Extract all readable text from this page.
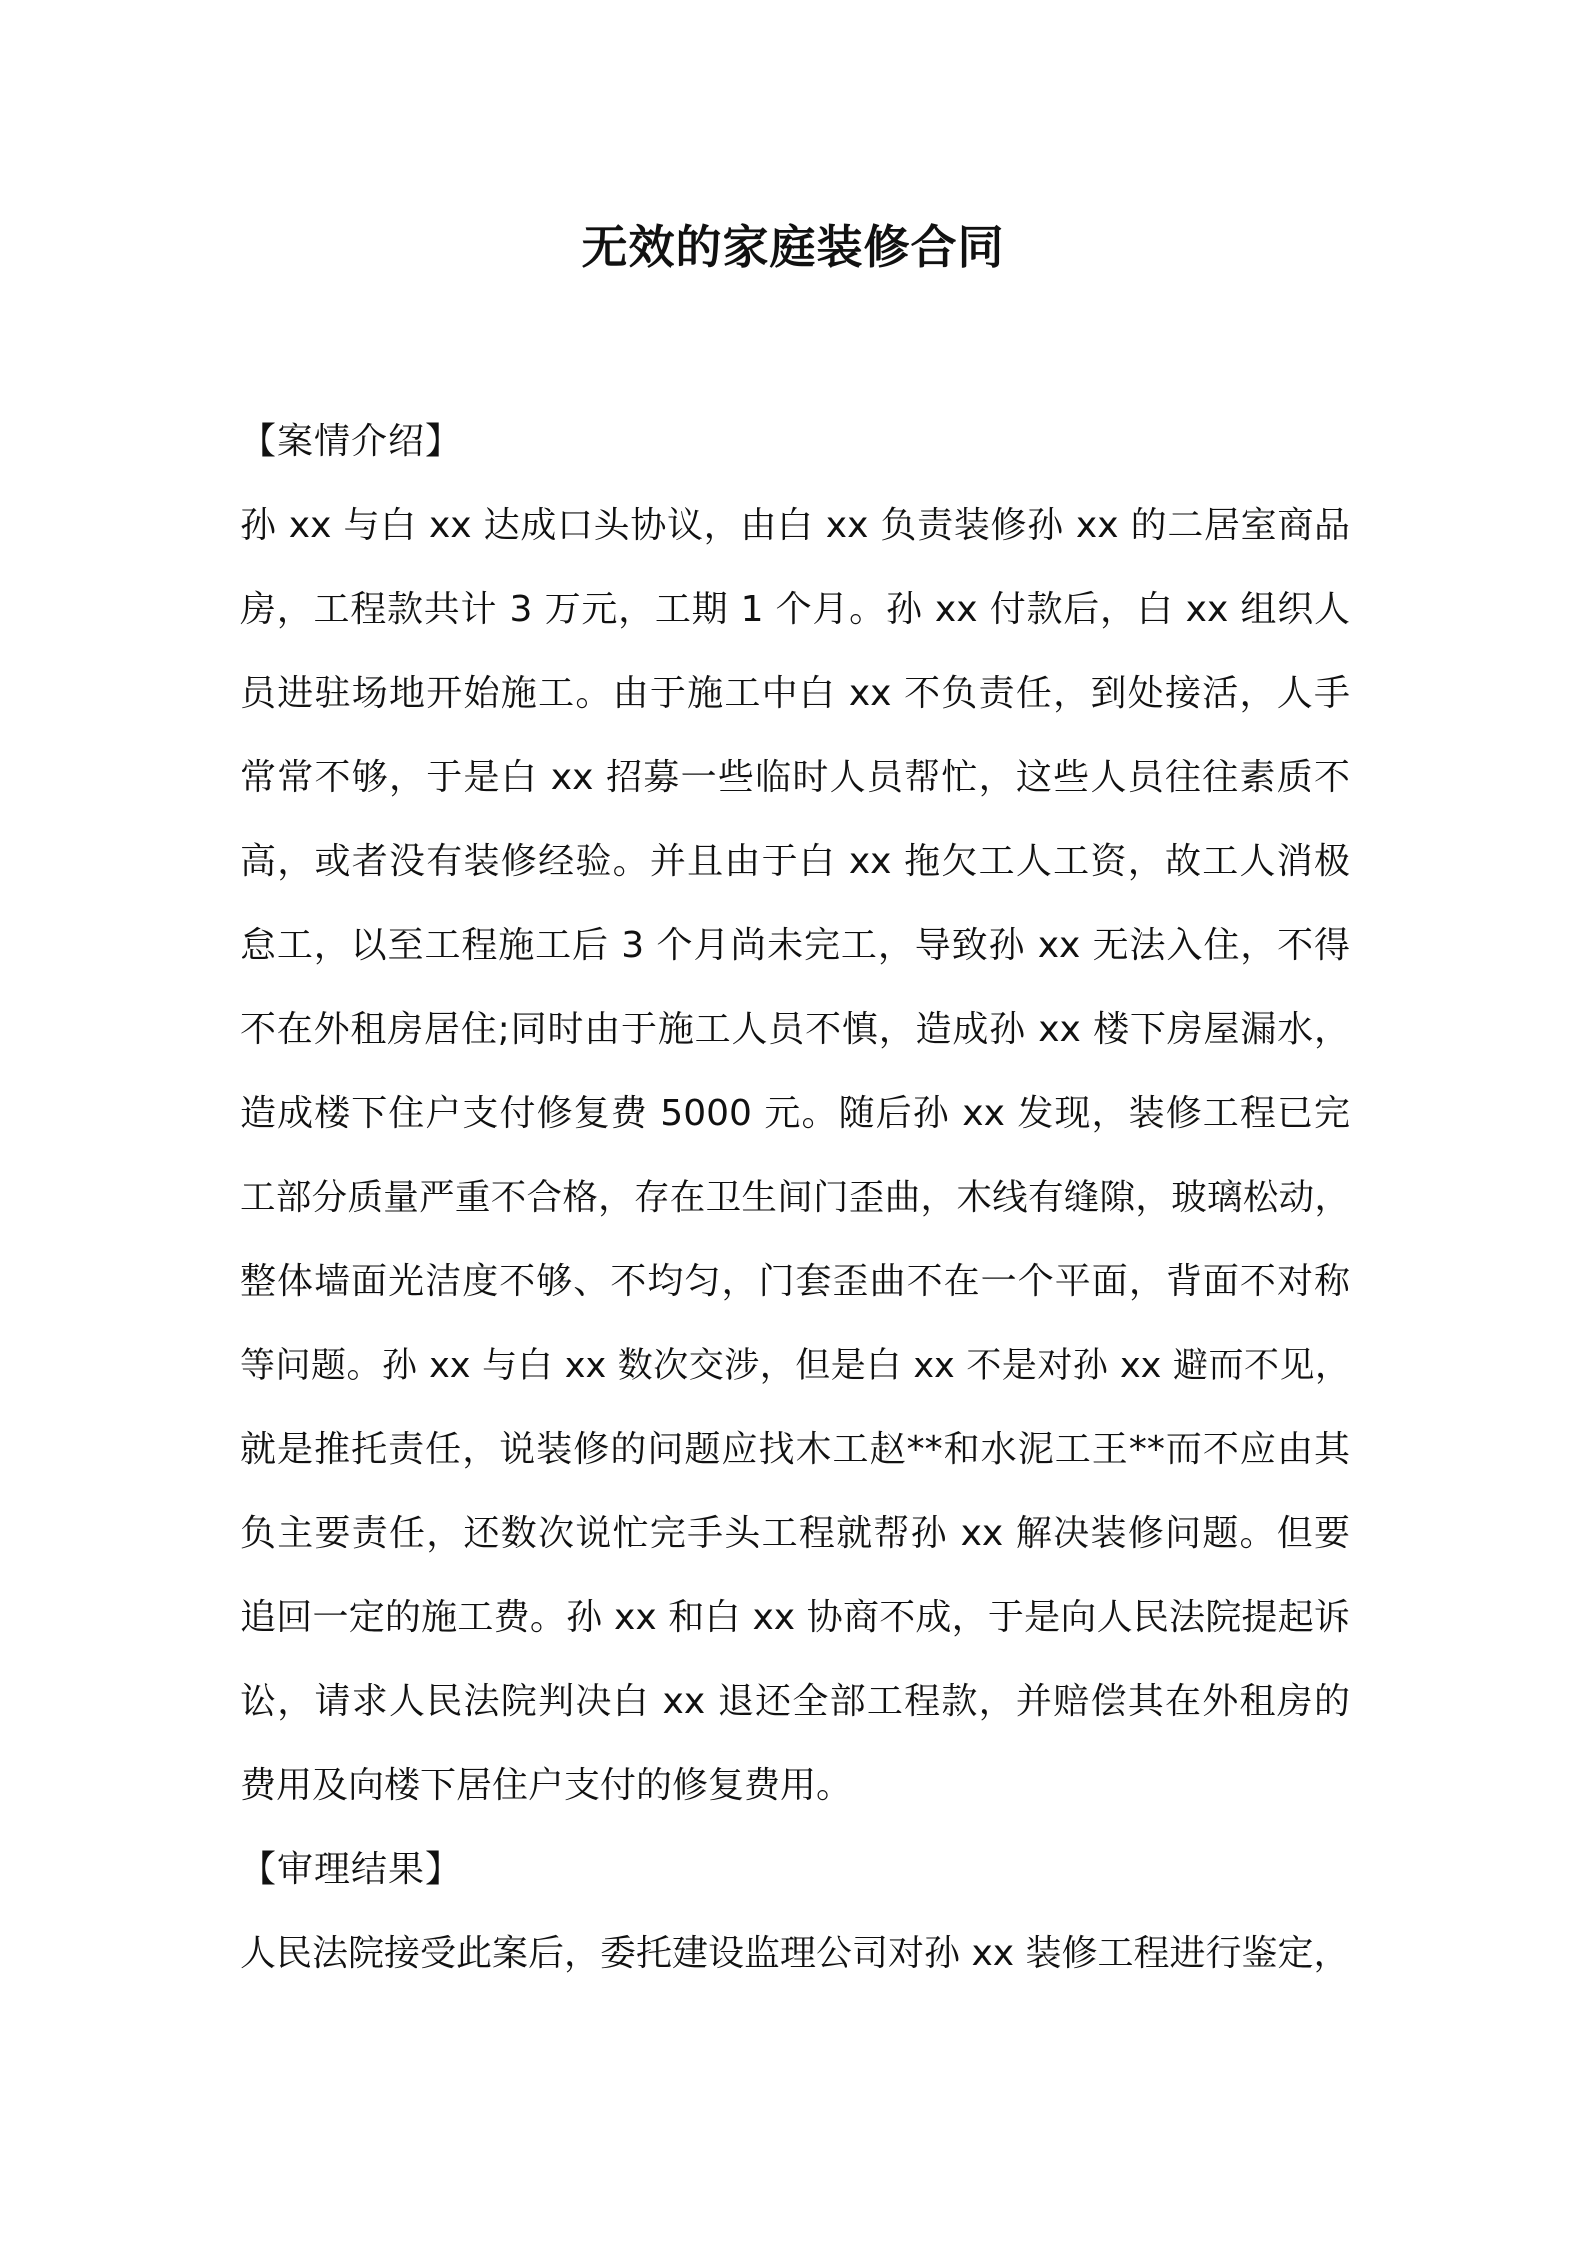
无效的家庭装修合同
【案情介绍】
孙 xx 与白 xx 达成口头协议，由白 xx 负责装修孙 xx 的二居室商品
房，工程款共计 3 万元，工期 1 个月。孙 xx 付款后，白 xx 组织人
员进驻场地开始施工。由于施工中白 xx 不负责任，到处接活，人手
常常不够，于是白 xx 招募一些临时人员帮忙，这些人员往往素质不
高，或者没有装修经验。并且由于白 xx 拖欠工人工资，故工人消极
怠工，以至工程施工后 3 个月尚未完工，导致孙 xx 无法入住，不得
不在外租房居住;同时由于施工人员不慎，造成孙 xx 楼下房屋漏水，
造成楼下住户支付修复费 5000 元。随后孙 xx 发现，装修工程已完
工部分质量严重不合格，存在卫生间门歪曲，木线有缝隙，玻璃松动，
整体墙面光洁度不够、不均匀，门套歪曲不在一个平面，背面不对称
等问题。孙 xx 与白 xx 数次交涉，但是白 xx 不是对孙 xx 避而不见，
就是推托责任，说装修的问题应找木工赵**和水泥工王**而不应由其
负主要责任，还数次说忙完手头工程就帮孙 xx 解决装修问题。但要
追回一定的施工费。孙 xx 和白 xx 协商不成，于是向人民法院提起诉
讼，请求人民法院判决白 xx 退还全部工程款，并赔偿其在外租房的
费用及向楼下居住户支付的修复费用。
【审理结果】
人民法院接受此案后，委托建设监理公司对孙 xx 装修工程进行鉴定，
